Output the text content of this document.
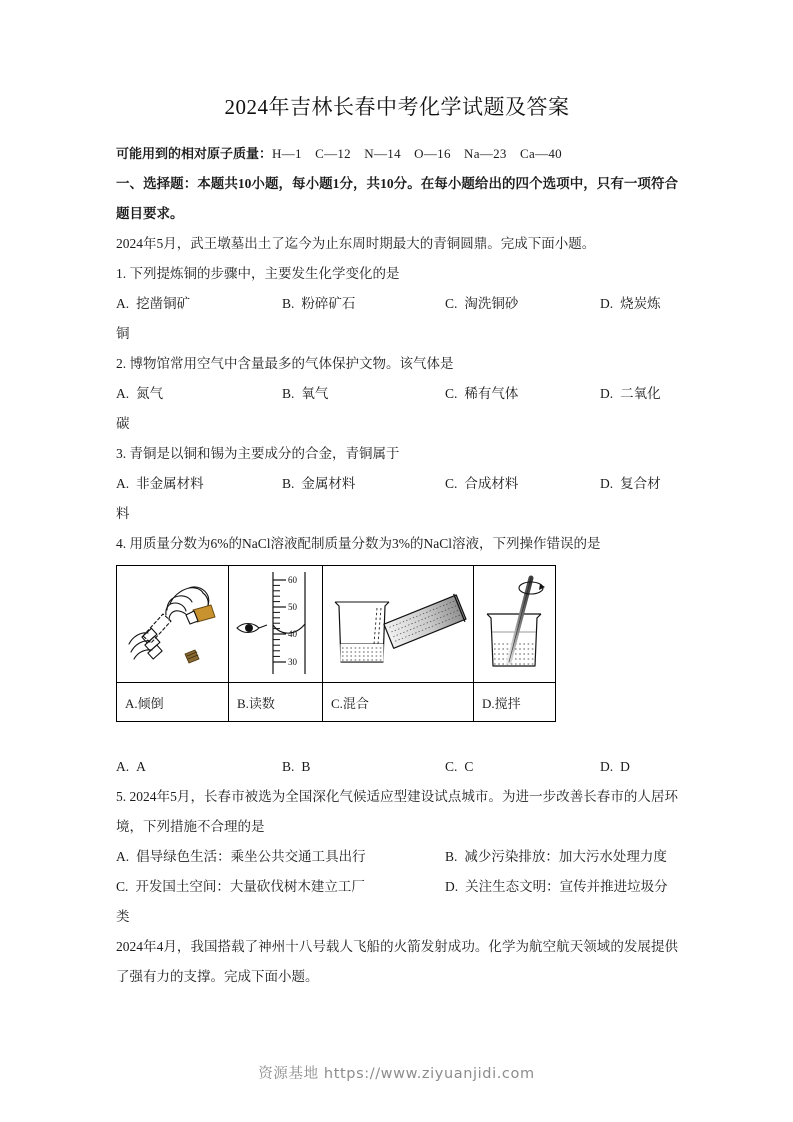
2024年吉林长春中考化学试题及答案

可能用到的相对原子质量：H—1　C—12　N—14　O—16　Na—23　Ca—40

一、选择题：本题共10小题，每小题1分，共10分。在每小题给出的四个选项中，只有一项符合题目要求。

2024年5月，武王墩墓出土了迄今为止东周时期最大的青铜圆鼎。完成下面小题。

1. 下列提炼铜的步骤中，主要发生化学变化的是

A. 挖凿铜矿	B. 粉碎矿石	C. 淘洗铜砂	D. 烧炭炼

铜

2. 博物馆常用空气中含量最多的气体保护文物。该气体是

A. 氮气	B. 氧气	C. 稀有气体	D. 二氧化

碳

3. 青铜是以铜和锡为主要成分的合金，青铜属于

A. 非金属材料	B. 金属材料	C. 合成材料	D. 复合材

料

4. 用质量分数为6%的NaCl溶液配制质量分数为3%的NaCl溶液，下列操作错误的是

60
50
40
30

A.倾倒	B.读数	C.混合	D.搅拌
A. A	B. B	C. C	D. D

5. 2024年5月，长春市被选为全国深化气候适应型建设试点城市。为进一步改善长春市的人居环境，下列措施不合理的是

A. 倡导绿色生活：乘坐公共交通工具出行	B. 减少污染排放：加大污水处理力度
C. 开发国土空间：大量砍伐树木建立工厂	D. 关注生态文明：宣传并推进垃圾分

类

2024年4月，我国搭载了神州十八号载人飞船的火箭发射成功。化学为航空航天领域的发展提供了强有力的支撑。完成下面小题。

资源基地 https://www.ziyuanjidi.com
